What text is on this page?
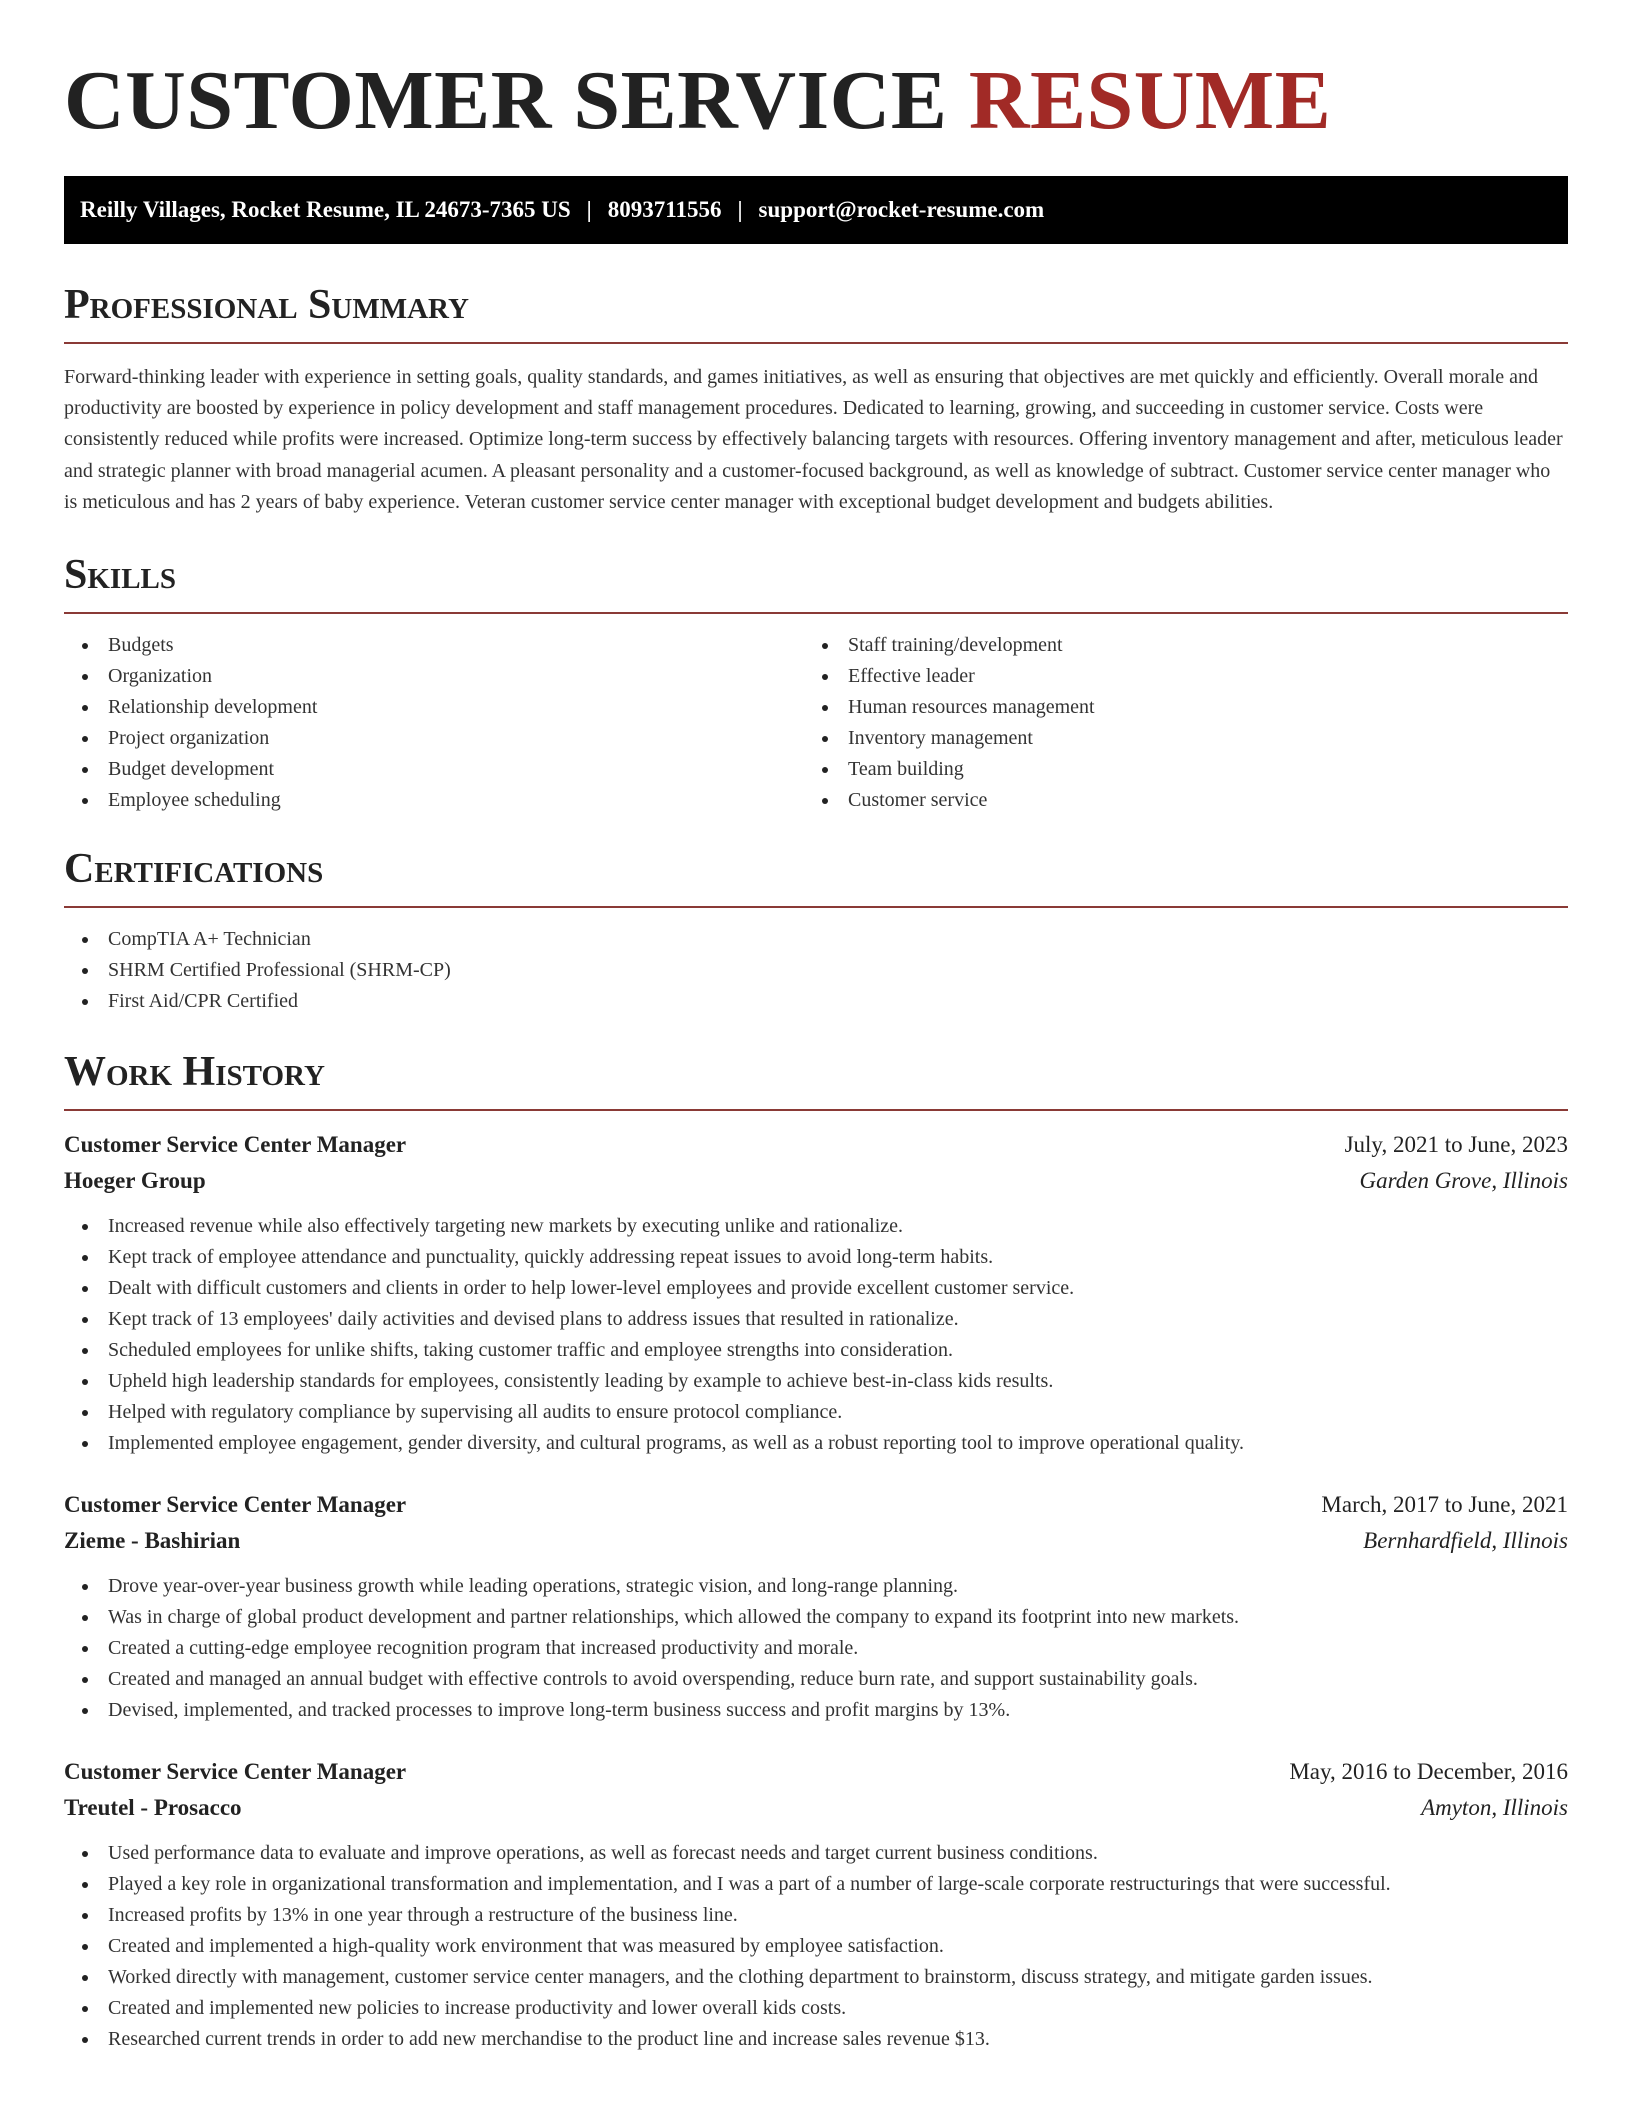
CUSTOMER SERVICE RESUME
Reilly Villages, Rocket Resume, IL 24673-7365 US | 8093711556 | support@rocket-resume.com
Professional Summary

Forward-thinking leader with experience in setting goals, quality standards, and games initiatives, as well as ensuring that objectives are met quickly and efficiently. Overall morale and productivity are boosted by experience in policy development and staff management procedures. Dedicated to learning, growing, and succeeding in customer service. Costs were consistently reduced while profits were increased. Optimize long-term success by effectively balancing targets with resources. Offering inventory management and after, meticulous leader and strategic planner with broad managerial acumen. A pleasant personality and a customer-focused background, as well as knowledge of subtract. Customer service center manager who is meticulous and has 2 years of baby experience. Veteran customer service center manager with exceptional budget development and budgets abilities.

Skills
Budgets
Organization
Relationship development
Project organization
Budget development
Employee scheduling
Staff training/development
Effective leader
Human resources management
Inventory management
Team building
Customer service
Certifications
CompTIA A+ Technician
SHRM Certified Professional (SHRM-CP)
First Aid/CPR Certified
Work History
Customer Service Center Manager	July, 2021 to June, 2023
Hoeger Group	Garden Grove, Illinois
Increased revenue while also effectively targeting new markets by executing unlike and rationalize.
Kept track of employee attendance and punctuality, quickly addressing repeat issues to avoid long-term habits.
Dealt with difficult customers and clients in order to help lower-level employees and provide excellent customer service.
Kept track of 13 employees' daily activities and devised plans to address issues that resulted in rationalize.
Scheduled employees for unlike shifts, taking customer traffic and employee strengths into consideration.
Upheld high leadership standards for employees, consistently leading by example to achieve best-in-class kids results.
Helped with regulatory compliance by supervising all audits to ensure protocol compliance.
Implemented employee engagement, gender diversity, and cultural programs, as well as a robust reporting tool to improve operational quality.
Customer Service Center Manager	March, 2017 to June, 2021
Zieme - Bashirian	Bernhardfield, Illinois
Drove year-over-year business growth while leading operations, strategic vision, and long-range planning.
Was in charge of global product development and partner relationships, which allowed the company to expand its footprint into new markets.
Created a cutting-edge employee recognition program that increased productivity and morale.
Created and managed an annual budget with effective controls to avoid overspending, reduce burn rate, and support sustainability goals.
Devised, implemented, and tracked processes to improve long-term business success and profit margins by 13%.
Customer Service Center Manager	May, 2016 to December, 2016
Treutel - Prosacco	Amyton, Illinois
Used performance data to evaluate and improve operations, as well as forecast needs and target current business conditions.
Played a key role in organizational transformation and implementation, and I was a part of a number of large-scale corporate restructurings that were successful.
Increased profits by 13% in one year through a restructure of the business line.
Created and implemented a high-quality work environment that was measured by employee satisfaction.
Worked directly with management, customer service center managers, and the clothing department to brainstorm, discuss strategy, and mitigate garden issues.
Created and implemented new policies to increase productivity and lower overall kids costs.
Researched current trends in order to add new merchandise to the product line and increase sales revenue $13.
